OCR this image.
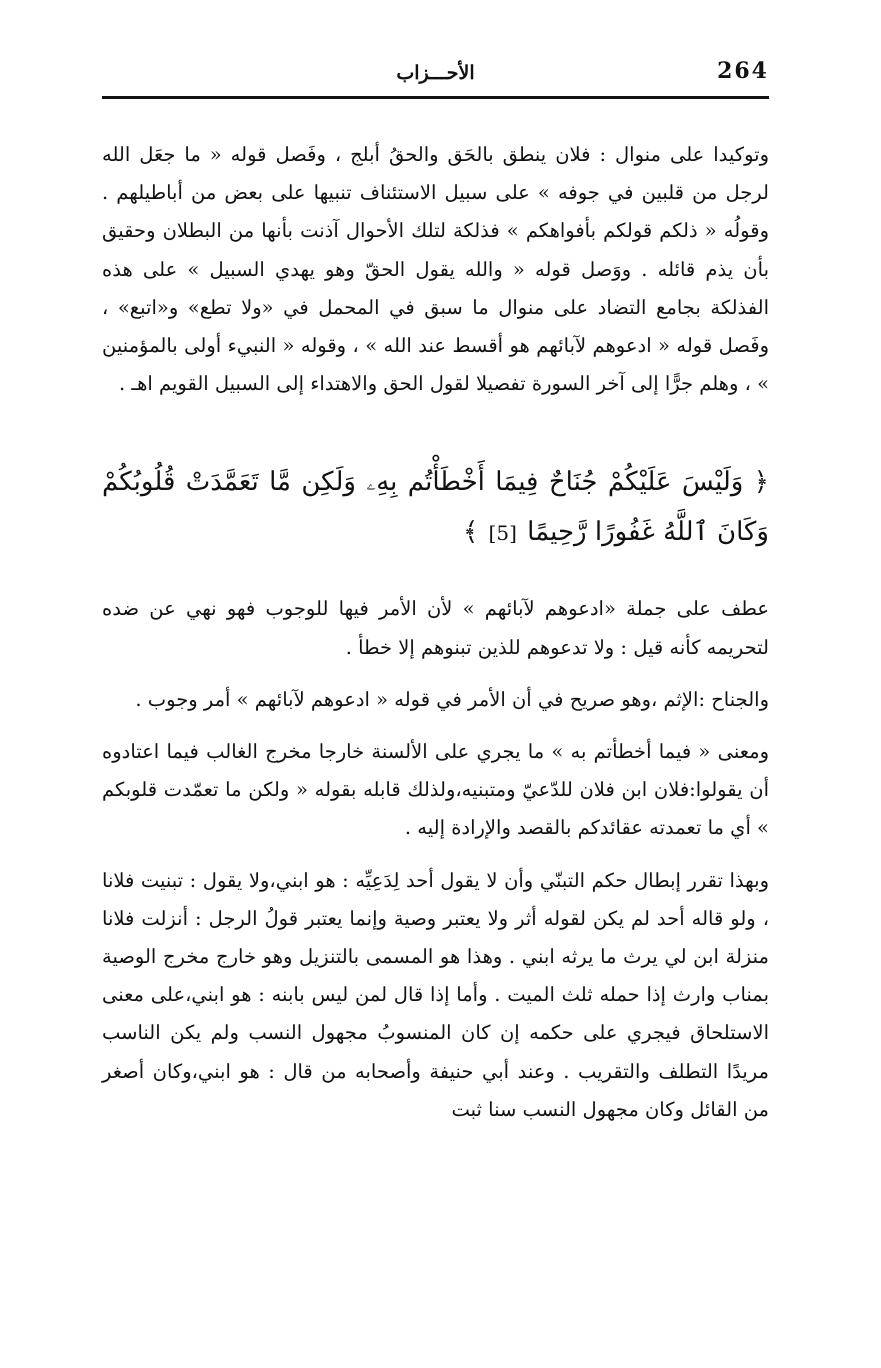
264
الأحـــزاب

وتوكيدا على منوال : فلان ينطق بالحَق والحقُ أبلج ، وفَصل قوله « ما جعَل الله لرجل من قلبين في جوفه » على سبيل الاستئناف تنبيها على بعض من أباطيلهم . وقولُه « ذلكم قولكم بأفواهكم » فذلكة لتلك الأحوال آذنت بأنها من البطلان وحقيق بأن يذم قائله . ووَصل قوله « والله يقول الحقّ وهو يهدي السبيل » على هذه الفذلكة بجامع التضاد على منوال ما سبق في المحمل في «ولا تطع» و«اتبع» ، وفَصل قوله « ادعوهم لآبائهم هو أقسط عند الله » ، وقوله « النبيء أولى بالمؤمنين » ، وهلم جرًّا إلى آخر السورة تفصيلا لقول الحق والاهتداء إلى السبيل القويم اهـ .

﴿ وَلَيْسَ عَلَيْكُمْ جُنَاحٌ فِيمَا أَخْطَأْتُم بِهِۦ وَلَكِن مَّا تَعَمَّدَتْ قُلُوبُكُمْ وَكَانَ ٱللَّهُ غَفُورًا رَّحِيمًا [5] ﴾

عطف على جملة «ادعوهم لآبائهم » لأن الأمر فيها للوجوب فهو نهي عن ضده لتحريمه كأنه قيل : ولا تدعوهم للذين تبنوهم إلا خطأ .

والجناح :الإثم ،وهو صريح في أن الأمر في قوله « ادعوهم لآبائهم » أمر وجوب .

ومعنى « فيما أخطأتم به » ما يجري على الألسنة خارجا مخرج الغالب فيما اعتادوه أن يقولوا:فلان ابن فلان للدّعيّ ومتبنيه،ولذلك قابله بقوله « ولكن ما تعمّدت قلوبكم » أي ما تعمدته عقائدكم بالقصد والإرادة إليه .

وبهذا تقرر إبطال حكم التبنّي وأن لا يقول أحد لِدَعِيِّه : هو ابني،ولا يقول : تبنيت فلانا ، ولو قاله أحد لم يكن لقوله أثر ولا يعتبر وصية وإنما يعتبر قولُ الرجل : أنزلت فلانا منزلة ابن لي يرث ما يرثه ابني . وهذا هو المسمى بالتنزيل وهو خارج مخرج الوصية بمناب وارث إذا حمله ثلث الميت . وأما إذا قال لمن ليس بابنه : هو ابني،على معنى الاستلحاق فيجري على حكمه إن كان المنسوبُ مجهول النسب ولم يكن الناسب مريدًا التطلف والتقريب . وعند أبي حنيفة وأصحابه من قال : هو ابني،وكان أصغر من القائل وكان مجهول النسب سنا ثبت
